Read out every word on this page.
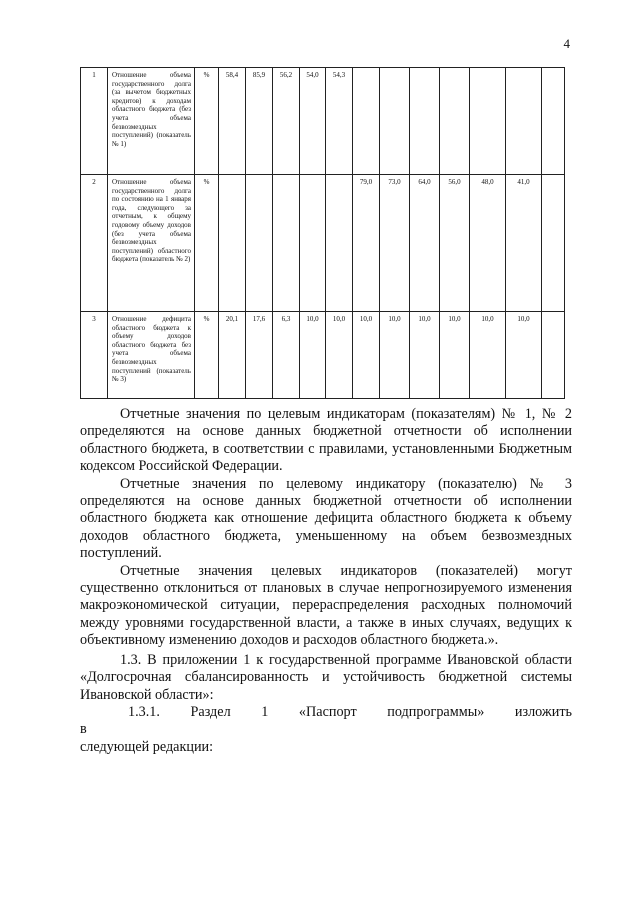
4
1	Отношение объема государственного долга (за вычетом бюджетных кредитов) к доходам областного бюджета (без учета объема безвозмездных поступлений) (показатель № 1)	%	58,4	85,9	56,2	54,0	54,3							
2	Отношение объема государственного долга по состоянию на 1 января года, следующего за отчетным, к общему годовому объему доходов (без учета объема безвозмездных поступлений) областного бюджета (показатель № 2)	%						79,0	73,0	64,0	56,0	48,0	41,0	
3	Отношение дефицита областного бюджета к объему доходов областного бюджета без учета объема безвозмездных поступлений (показатель № 3)	%	20,1	17,6	6,3	10,0	10,0	10,0	10,0	10,0	10,0	10,0	10,0	

Отчетные значения по целевым индикаторам (показателям) № 1, № 2 определяются на основе данных бюджетной отчетности об исполнении областного бюджета, в соответствии с правилами, установленными Бюджетным кодексом Российской Федерации.

Отчетные значения по целевому индикатору (показателю) № 3 определяются на основе данных бюджетной отчетности об исполнении областного бюджета как отношение дефицита областного бюджета к объему доходов областного бюджета, уменьшенному на объем безвозмездных поступлений.

Отчетные значения целевых индикаторов (показателей) могут существенно отклониться от плановых в случае непрогнозируемого изменения макроэкономической ситуации, перераспределения расходных полномочий между уровнями государственной власти, а также в иных случаях, ведущих к объективному изменению доходов и расходов областного бюджета.».

1.3. В приложении 1 к государственной программе Ивановской области «Долгосрочная сбалансированность и устойчивость бюджетной системы Ивановской области»:

1.3.1. Раздел 1 «Паспорт подпрограммы» изложить в

следующей редакции:
